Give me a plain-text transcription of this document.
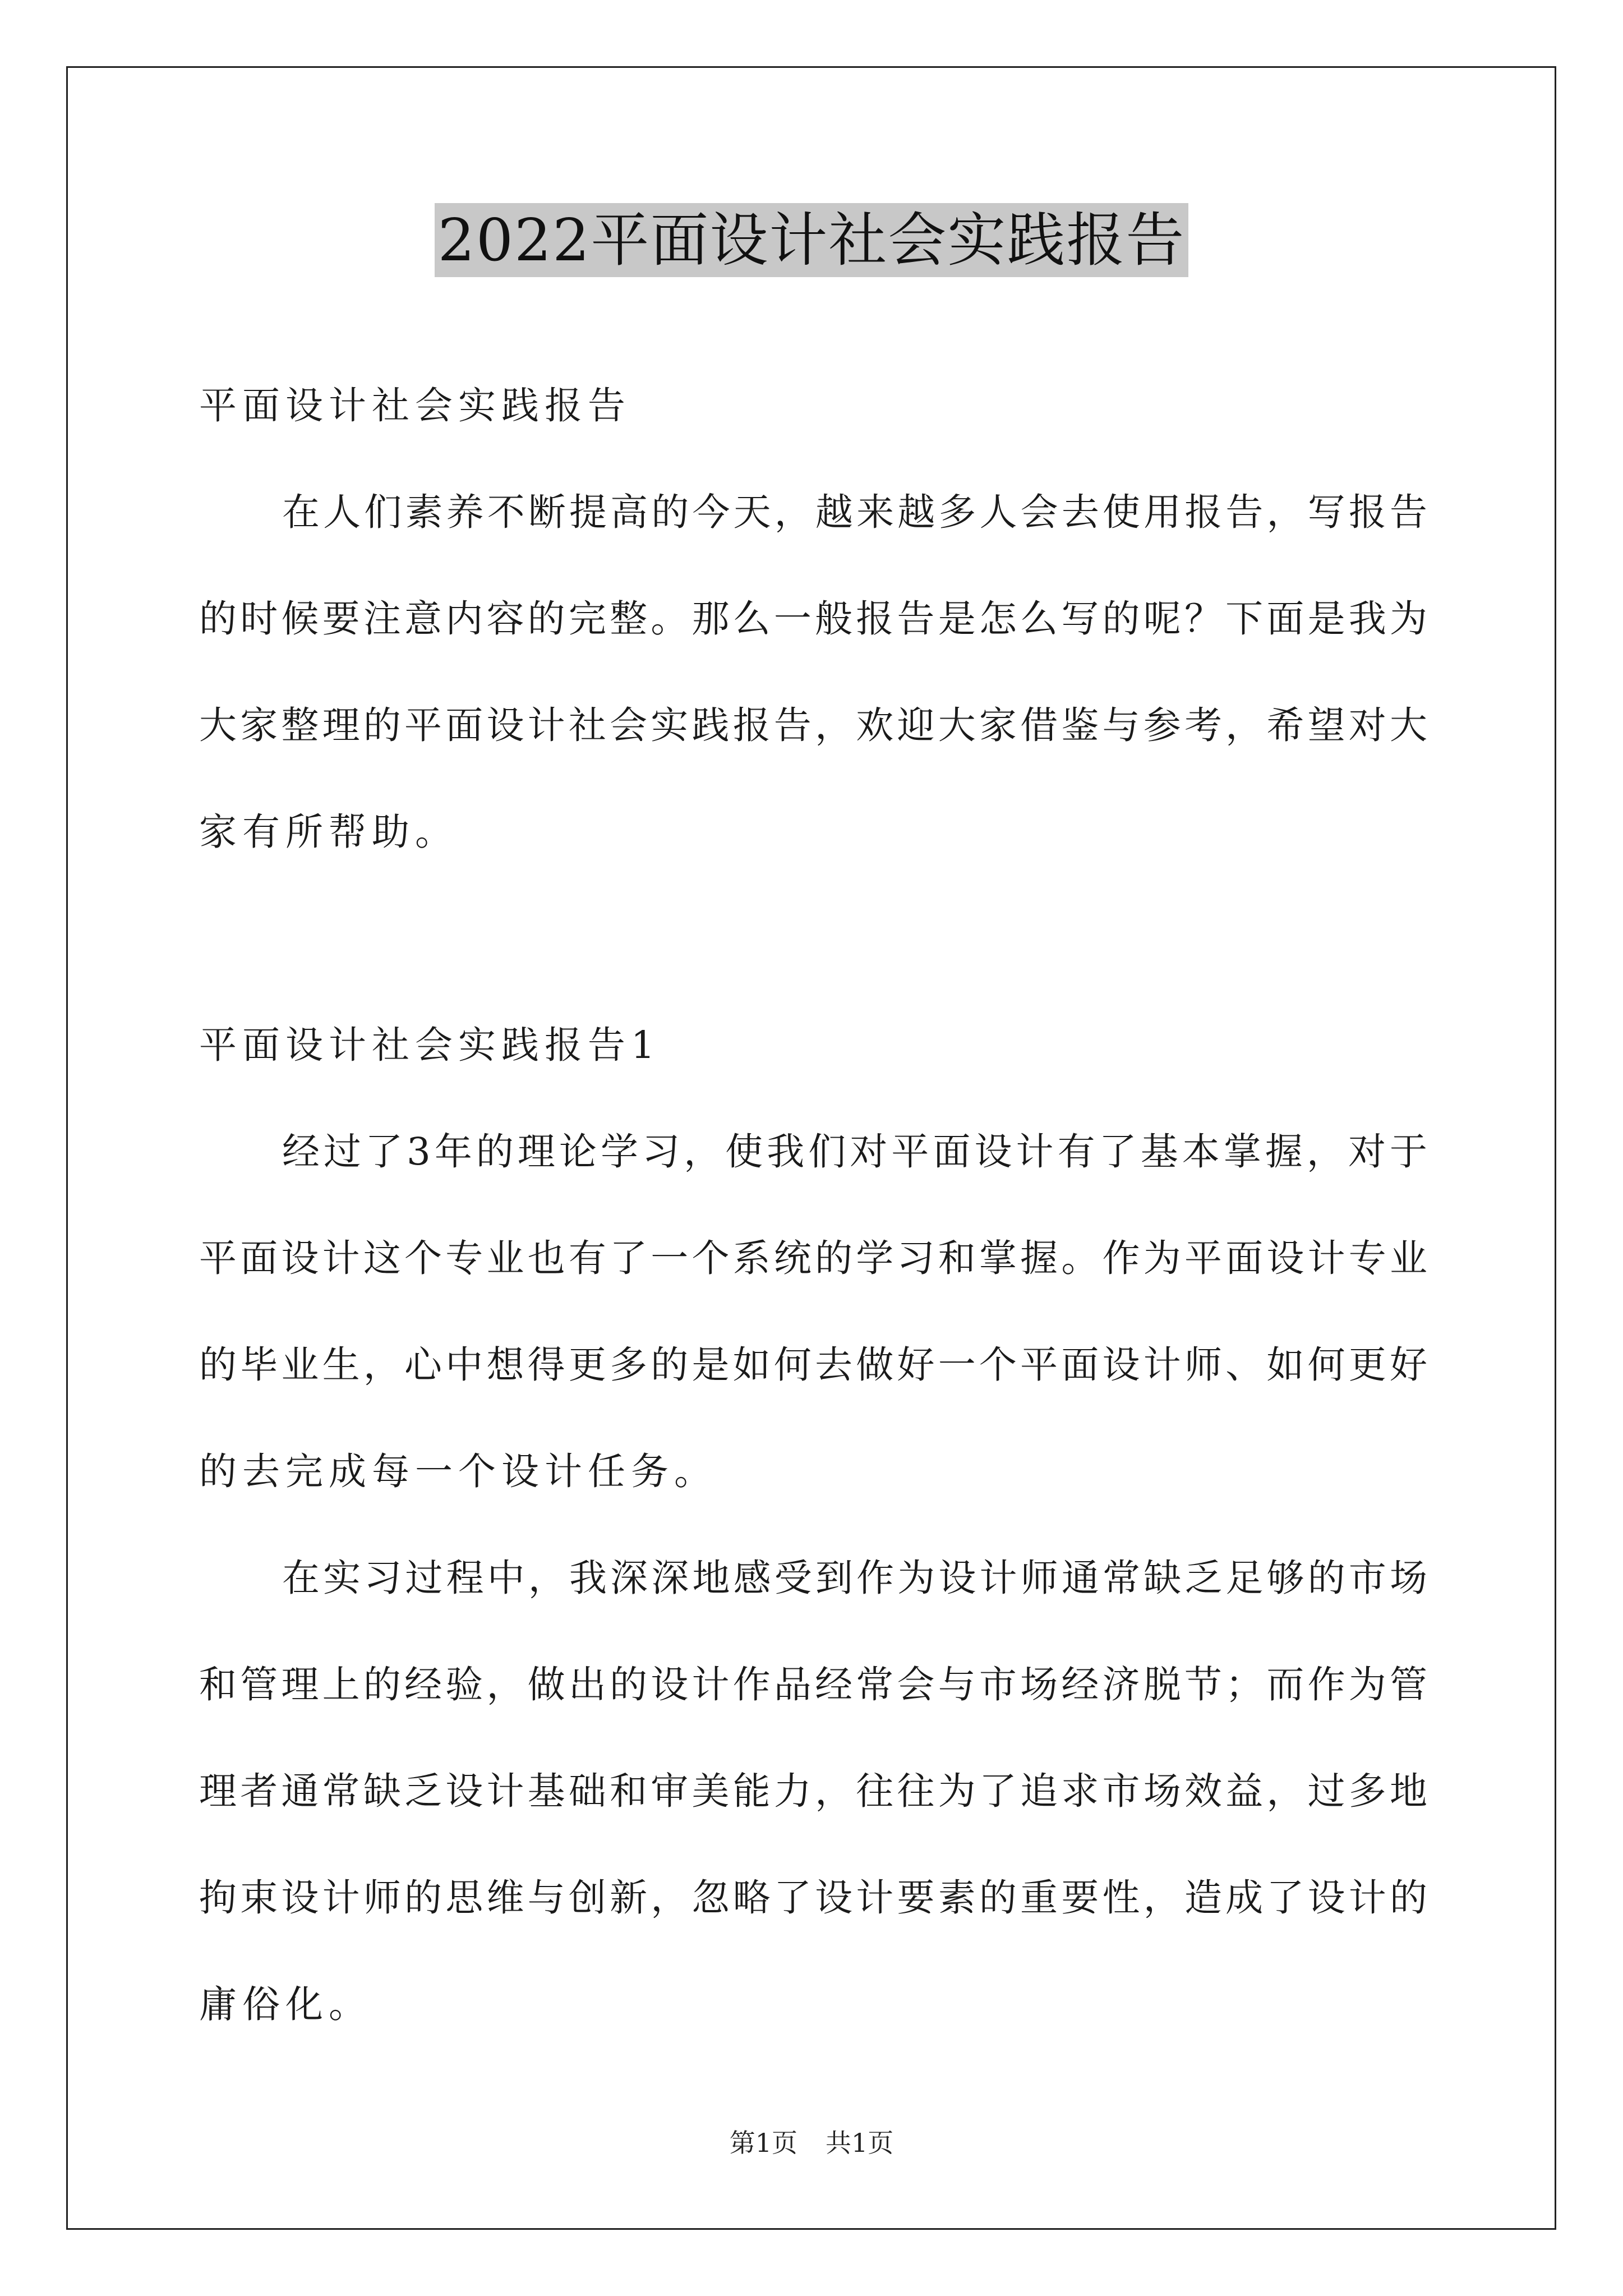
2022平面设计社会实践报告
平面设计社会实践报告
在人们素养不断提高的今天，越来越多人会去使用报告，写报告
的时候要注意内容的完整。那么一般报告是怎么写的呢？下面是我为
大家整理的平面设计社会实践报告，欢迎大家借鉴与参考，希望对大
家有所帮助。
平面设计社会实践报告1
经过了3年的理论学习，使我们对平面设计有了基本掌握，对于
平面设计这个专业也有了一个系统的学习和掌握。作为平面设计专业
的毕业生，心中想得更多的是如何去做好一个平面设计师、如何更好
的去完成每一个设计任务。
在实习过程中，我深深地感受到作为设计师通常缺乏足够的市场
和管理上的经验，做出的设计作品经常会与市场经济脱节；而作为管
理者通常缺乏设计基础和审美能力，往往为了追求市场效益，过多地
拘束设计师的思维与创新，忽略了设计要素的重要性，造成了设计的
庸俗化。
第1页 共1页
